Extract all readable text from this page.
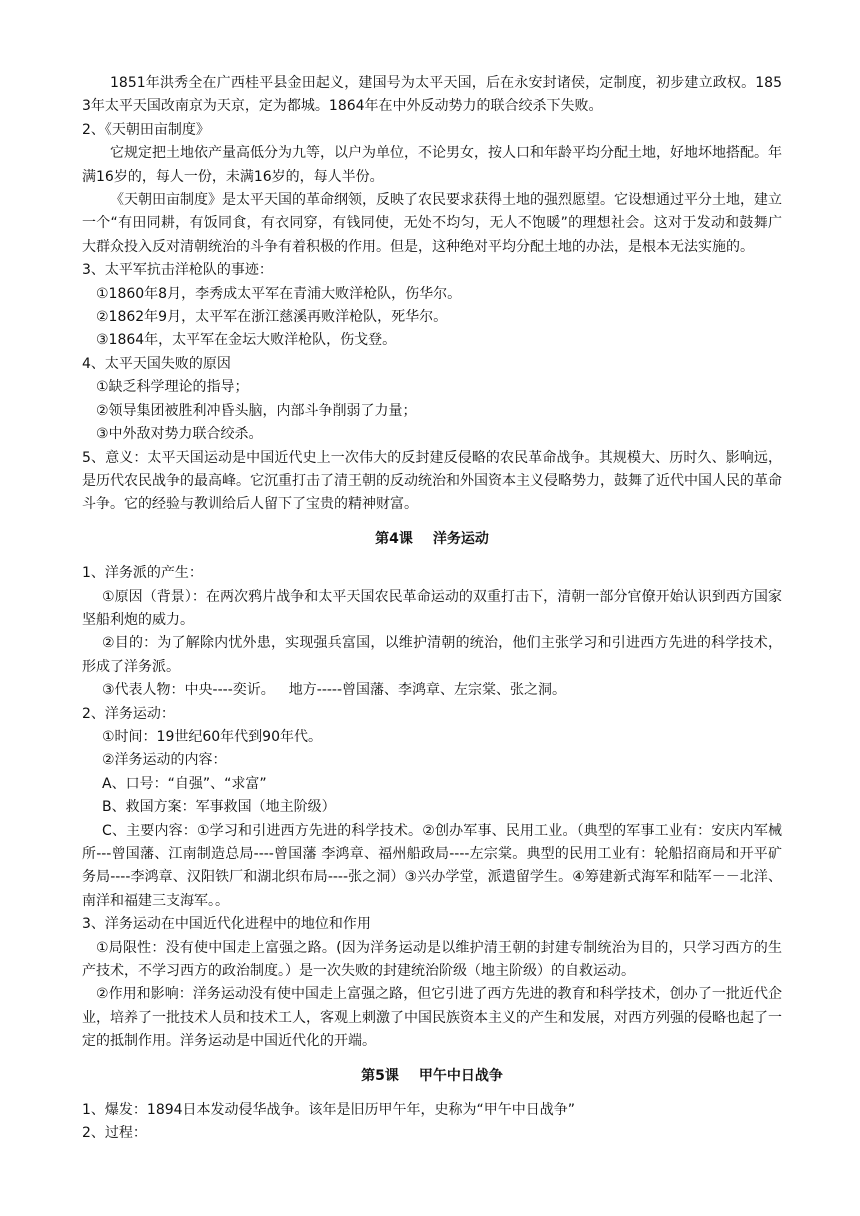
1851年洪秀全在广西桂平县金田起义，建国号为太平天国，后在永安封诸侯，定制度，初步建立政权。1853年太平天国改南京为天京，定为都城。1864年在中外反动势力的联合绞杀下失败。

2、《天朝田亩制度》

它规定把土地依产量高低分为九等，以户为单位，不论男女，按人口和年龄平均分配土地，好地坏地搭配。年满16岁的，每人一份，未满16岁的，每人半份。

《天朝田亩制度》是太平天国的革命纲领，反映了农民要求获得土地的强烈愿望。它设想通过平分土地，建立一个“有田同耕，有饭同食，有衣同穿，有钱同使，无处不均匀，无人不饱暖”的理想社会。这对于发动和鼓舞广大群众投入反对清朝统治的斗争有着积极的作用。但是，这种绝对平均分配土地的办法，是根本无法实施的。

3、太平军抗击洋枪队的事迹：

①1860年8月，李秀成太平军在青浦大败洋枪队，伤华尔。

②1862年9月，太平军在浙江慈溪再败洋枪队，死华尔。

③1864年，太平军在金坛大败洋枪队，伤戈登。

4、太平天国失败的原因

①缺乏科学理论的指导；

②领导集团被胜利冲昏头脑，内部斗争削弱了力量；

③中外敌对势力联合绞杀。

5、意义：太平天国运动是中国近代史上一次伟大的反封建反侵略的农民革命战争。其规模大、历时久、影响远，是历代农民战争的最高峰。它沉重打击了清王朝的反动统治和外国资本主义侵略势力，鼓舞了近代中国人民的革命斗争。它的经验与教训给后人留下了宝贵的精神财富。

第4课 洋务运动

1、洋务派的产生：

①原因（背景）：在两次鸦片战争和太平天国农民革命运动的双重打击下，清朝一部分官僚开始认识到西方国家坚船利炮的威力。

②目的：为了解除内忧外患，实现强兵富国，以维护清朝的统治，他们主张学习和引进西方先进的科学技术，形成了洋务派。

③代表人物：中央----奕䜣。 地方-----曾国藩、李鸿章、左宗棠、张之洞。

2、洋务运动：

①时间：19世纪60年代到90年代。

②洋务运动的内容：

A、口号：“自强”、“求富”

B、救国方案：军事救国（地主阶级）

C、主要内容：①学习和引进西方先进的科学技术。②创办军事、民用工业。（典型的军事工业有：安庆内军械所---曾国藩、江南制造总局----曾国藩 李鸿章、福州船政局----左宗棠。典型的民用工业有：轮船招商局和开平矿务局----李鸿章、汉阳铁厂和湖北织布局----张之洞）③兴办学堂，派遣留学生。④筹建新式海军和陆军－－北洋、南洋和福建三支海军。。

3、洋务运动在中国近代化进程中的地位和作用

①局限性：没有使中国走上富强之路。(因为洋务运动是以维护清王朝的封建专制统治为目的，只学习西方的生产技术，不学习西方的政治制度。）是一次失败的封建统治阶级（地主阶级）的自救运动。

②作用和影响：洋务运动没有使中国走上富强之路，但它引进了西方先进的教育和科学技术，创办了一批近代企业，培养了一批技术人员和技术工人，客观上刺激了中国民族资本主义的产生和发展，对西方列强的侵略也起了一定的抵制作用。洋务运动是中国近代化的开端。

第5课 甲午中日战争

1、爆发：1894日本发动侵华战争。该年是旧历甲午年，史称为“甲午中日战争”

2、过程：
